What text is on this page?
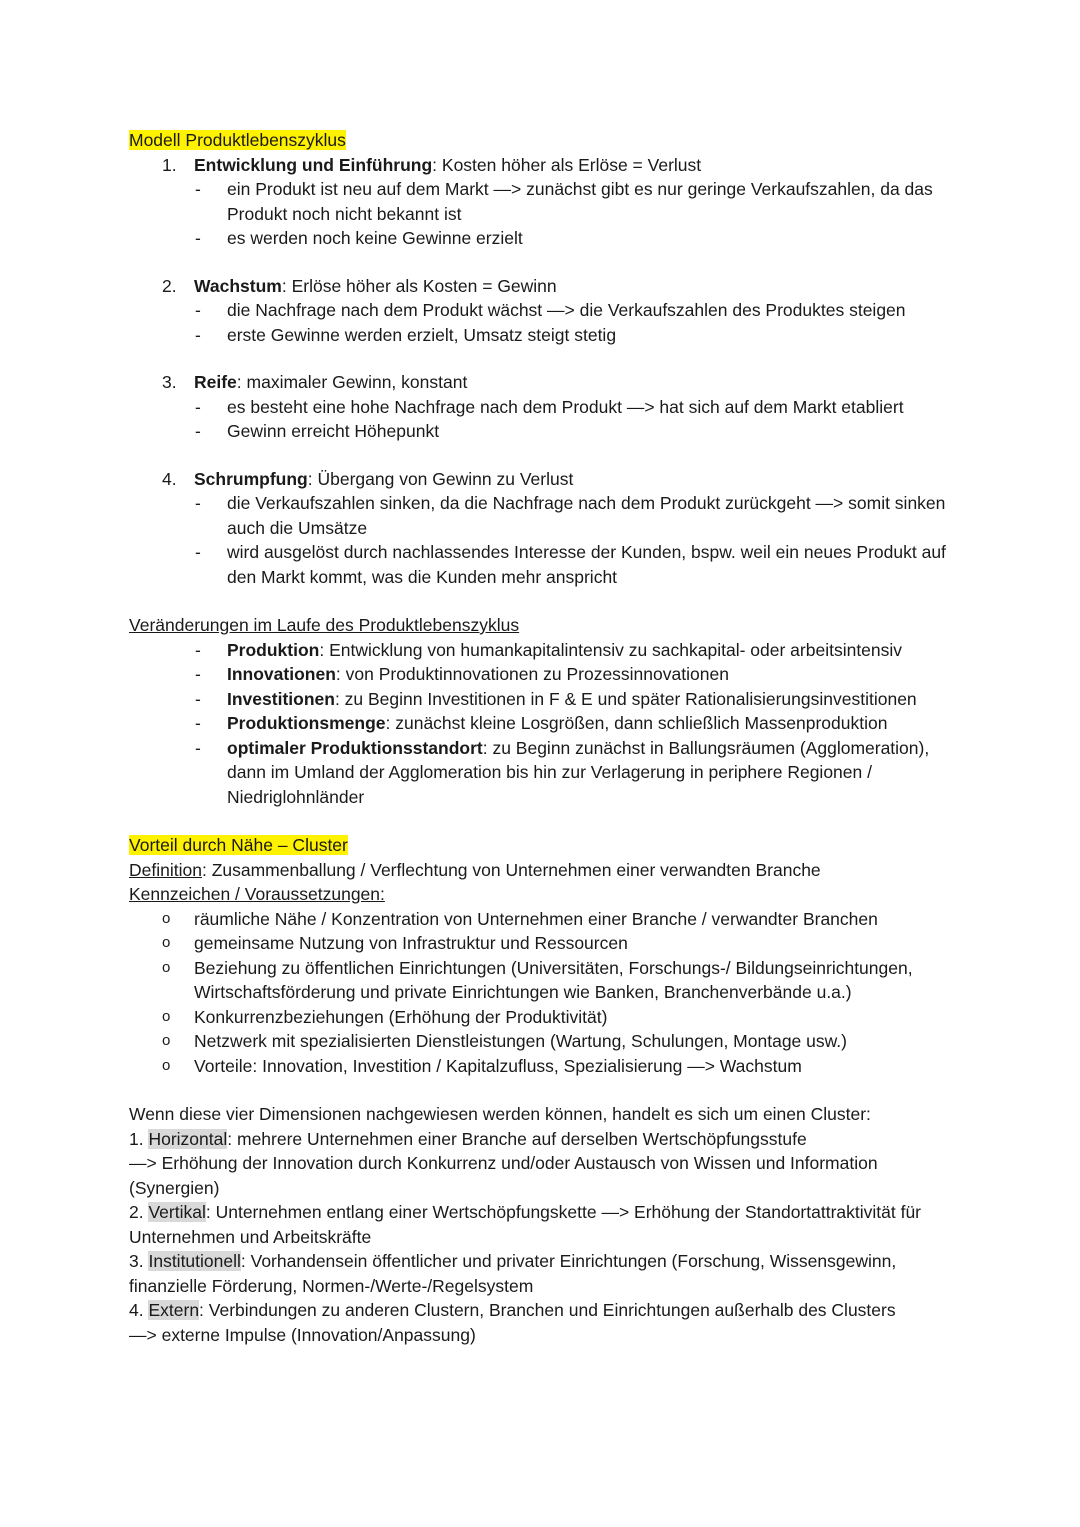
Modell Produktlebenszyklus

1. Entwicklung und Einführung: Kosten höher als Erlöse = Verlust
- ein Produkt ist neu auf dem Markt —> zunächst gibt es nur geringe Verkaufszahlen, da das Produkt noch nicht bekannt ist
- es werden noch keine Gewinne erzielt
2. Wachstum: Erlöse höher als Kosten = Gewinn
- die Nachfrage nach dem Produkt wächst —> die Verkaufszahlen des Produktes steigen
- erste Gewinne werden erzielt, Umsatz steigt stetig
3. Reife: maximaler Gewinn, konstant
- es besteht eine hohe Nachfrage nach dem Produkt —> hat sich auf dem Markt etabliert
- Gewinn erreicht Höhepunkt
4. Schrumpfung: Übergang von Gewinn zu Verlust
- die Verkaufszahlen sinken, da die Nachfrage nach dem Produkt zurückgeht —> somit sinken auch die Umsätze
- wird ausgelöst durch nachlassendes Interesse der Kunden, bspw. weil ein neues Produkt auf den Markt kommt, was die Kunden mehr anspricht

Veränderungen im Laufe des Produktlebenszyklus

- Produktion: Entwicklung von humankapitalintensiv zu sachkapital- oder arbeitsintensiv
- Innovationen: von Produktinnovationen zu Prozessinnovationen
- Investitionen: zu Beginn Investitionen in F & E und später Rationalisierungsinvestitionen
- Produktionsmenge: zunächst kleine Losgrößen, dann schließlich Massenproduktion
- optimaler Produktionsstandort: zu Beginn zunächst in Ballungsräumen (Agglomeration), dann im Umland der Agglomeration bis hin zur Verlagerung in periphere Regionen / Niedriglohnländer

Vorteil durch Nähe – Cluster

Definition: Zusammenballung / Verflechtung von Unternehmen einer verwandten Branche

Kennzeichen / Voraussetzungen:

o räumliche Nähe / Konzentration von Unternehmen einer Branche / verwandter Branchen
o gemeinsame Nutzung von Infrastruktur und Ressourcen
o Beziehung zu öffentlichen Einrichtungen (Universitäten, Forschungs-/ Bildungseinrichtungen, Wirtschaftsförderung und private Einrichtungen wie Banken, Branchenverbände u.a.)
o Konkurrenzbeziehungen (Erhöhung der Produktivität)
o Netzwerk mit spezialisierten Dienstleistungen (Wartung, Schulungen, Montage usw.)
o Vorteile: Innovation, Investition / Kapitalzufluss, Spezialisierung —> Wachstum

Wenn diese vier Dimensionen nachgewiesen werden können, handelt es sich um einen Cluster:

1. Horizontal: mehrere Unternehmen einer Branche auf derselben Wertschöpfungsstufe

—> Erhöhung der Innovation durch Konkurrenz und/oder Austausch von Wissen und Information (Synergien)

2. Vertikal: Unternehmen entlang einer Wertschöpfungskette —> Erhöhung der Standortattraktivität für Unternehmen und Arbeitskräfte

3. Institutionell: Vorhandensein öffentlicher und privater Einrichtungen (Forschung, Wissensgewinn, finanzielle Förderung, Normen-/Werte-/Regelsystem

4. Extern: Verbindungen zu anderen Clustern, Branchen und Einrichtungen außerhalb des Clusters

—> externe Impulse (Innovation/Anpassung)
